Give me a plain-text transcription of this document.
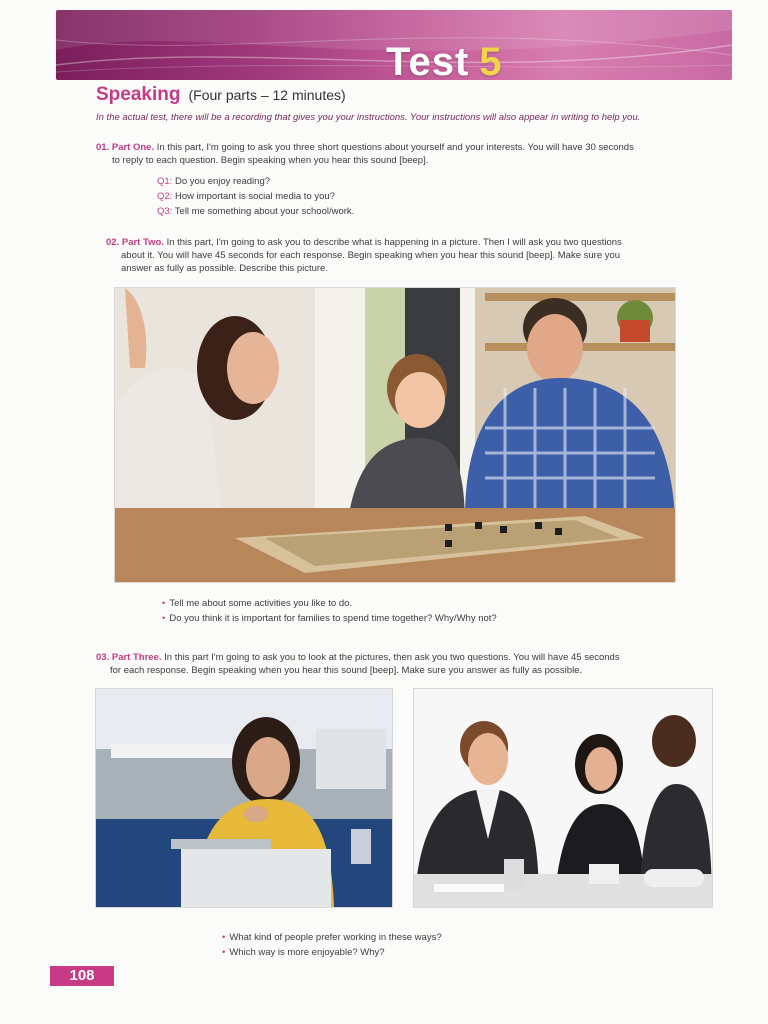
Test 5
Speaking (Four parts – 12 minutes)
In the actual test, there will be a recording that gives you your instructions. Your instructions will also appear in writing to help you.
01. Part One. In this part, I'm going to ask you three short questions about yourself and your interests. You will have 30 seconds
to reply to each question. Begin speaking when you hear this sound [beep].
Q1: Do you enjoy reading?
Q2: How important is social media to you?
Q3: Tell me something about your school/work.
02. Part Two. In this part, I'm going to ask you to describe what is happening in a picture. Then I will ask you two questions
about it. You will have 45 seconds for each response. Begin speaking when you hear this sound [beep]. Make sure you
answer as fully as possible. Describe this picture.
• Tell me about some activities you like to do.
• Do you think it is important for families to spend time together? Why/Why not?
03. Part Three. In this part I'm going to ask you to look at the pictures, then ask you two questions. You will have 45 seconds
for each response. Begin speaking when you hear this sound [beep]. Make sure you answer as fully as possible.
• What kind of people prefer working in these ways?
• Which way is more enjoyable? Why?
108
